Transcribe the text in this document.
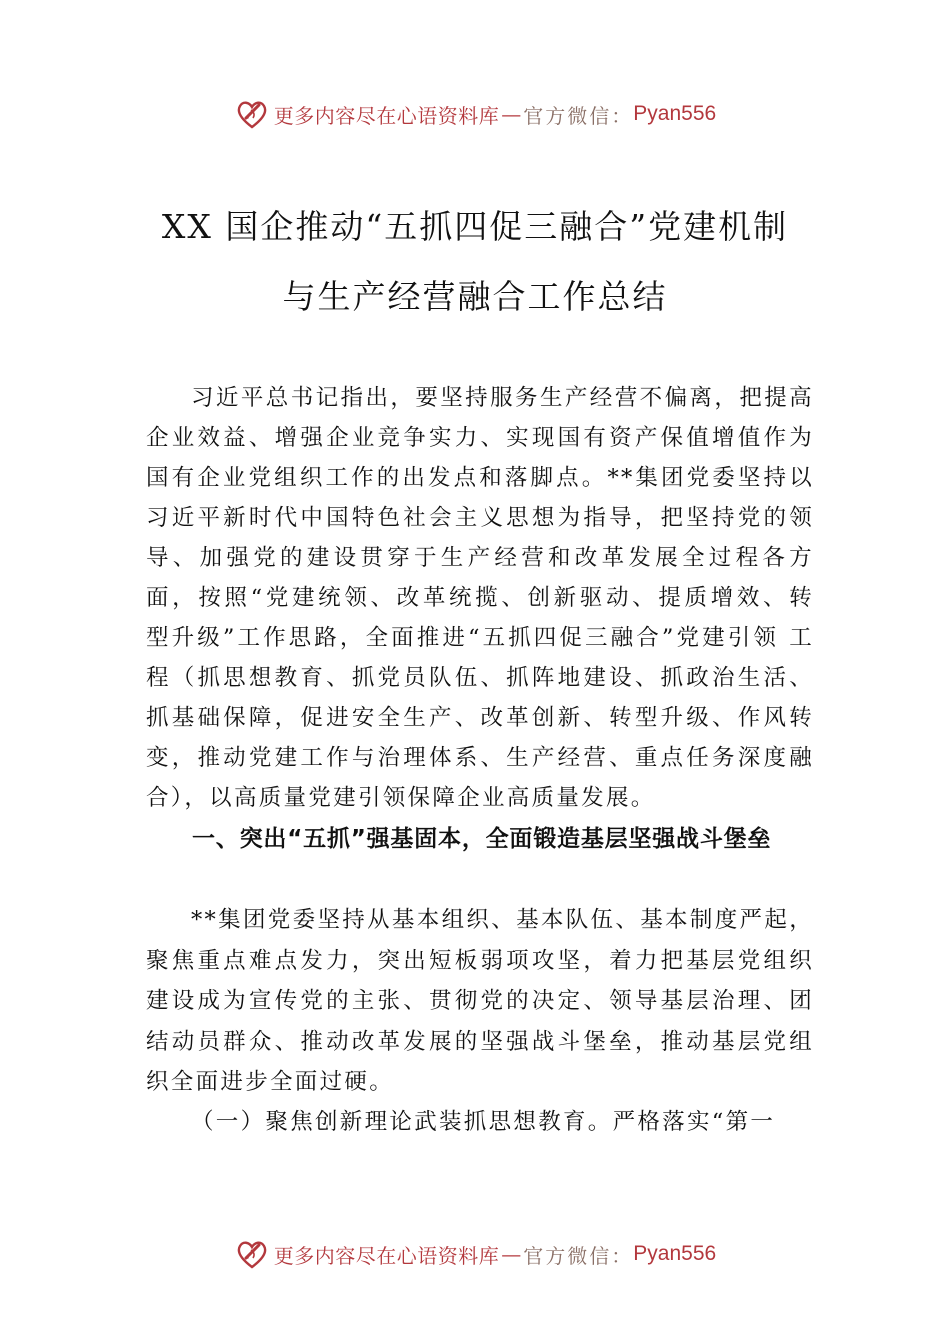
更多内容尽在心语资料库 — 官方微信： Pyan556
XX 国企推动“五抓四促三融合”党建机制
与生产经营融合工作总结
习近平总书记指出，要坚持服务生产经营不偏离，把提高企业效益、增强企业竞争实力、实现国有资产保值增值作为国有企业党组织工作的出发点和落脚点。**集团党委坚持以习近平新时代中国特色社会主义思想为指导，把坚持党的领导、加强党的建设贯穿于生产经营和改革发展全过程各方面，按照“党建统领、改革统揽、创新驱动、提质增效、转 型升级”工作思路，全面推进“五抓四促三融合”党建引领 工程（抓思想教育、抓党员队伍、抓阵地建设、抓政治生活、抓基础保障，促进安全生产、改革创新、转型升级、作风转变，推动党建工作与治理体系、生产经营、重点任务深度融合），以高质量党建引领保障企业高质量发展。
一、突出“五抓”强基固本，全面锻造基层坚强战斗堡垒
**集团党委坚持从基本组织、基本队伍、基本制度严起，聚焦重点难点发力，突出短板弱项攻坚，着力把基层党组织建设成为宣传党的主张、贯彻党的决定、领导基层治理、团结动员群众、推动改革发展的坚强战斗堡垒，推动基层党组织全面进步全面过硬。
（一）聚焦创新理论武装抓思想教育。严格落实“第一
更多内容尽在心语资料库 — 官方微信： Pyan556
